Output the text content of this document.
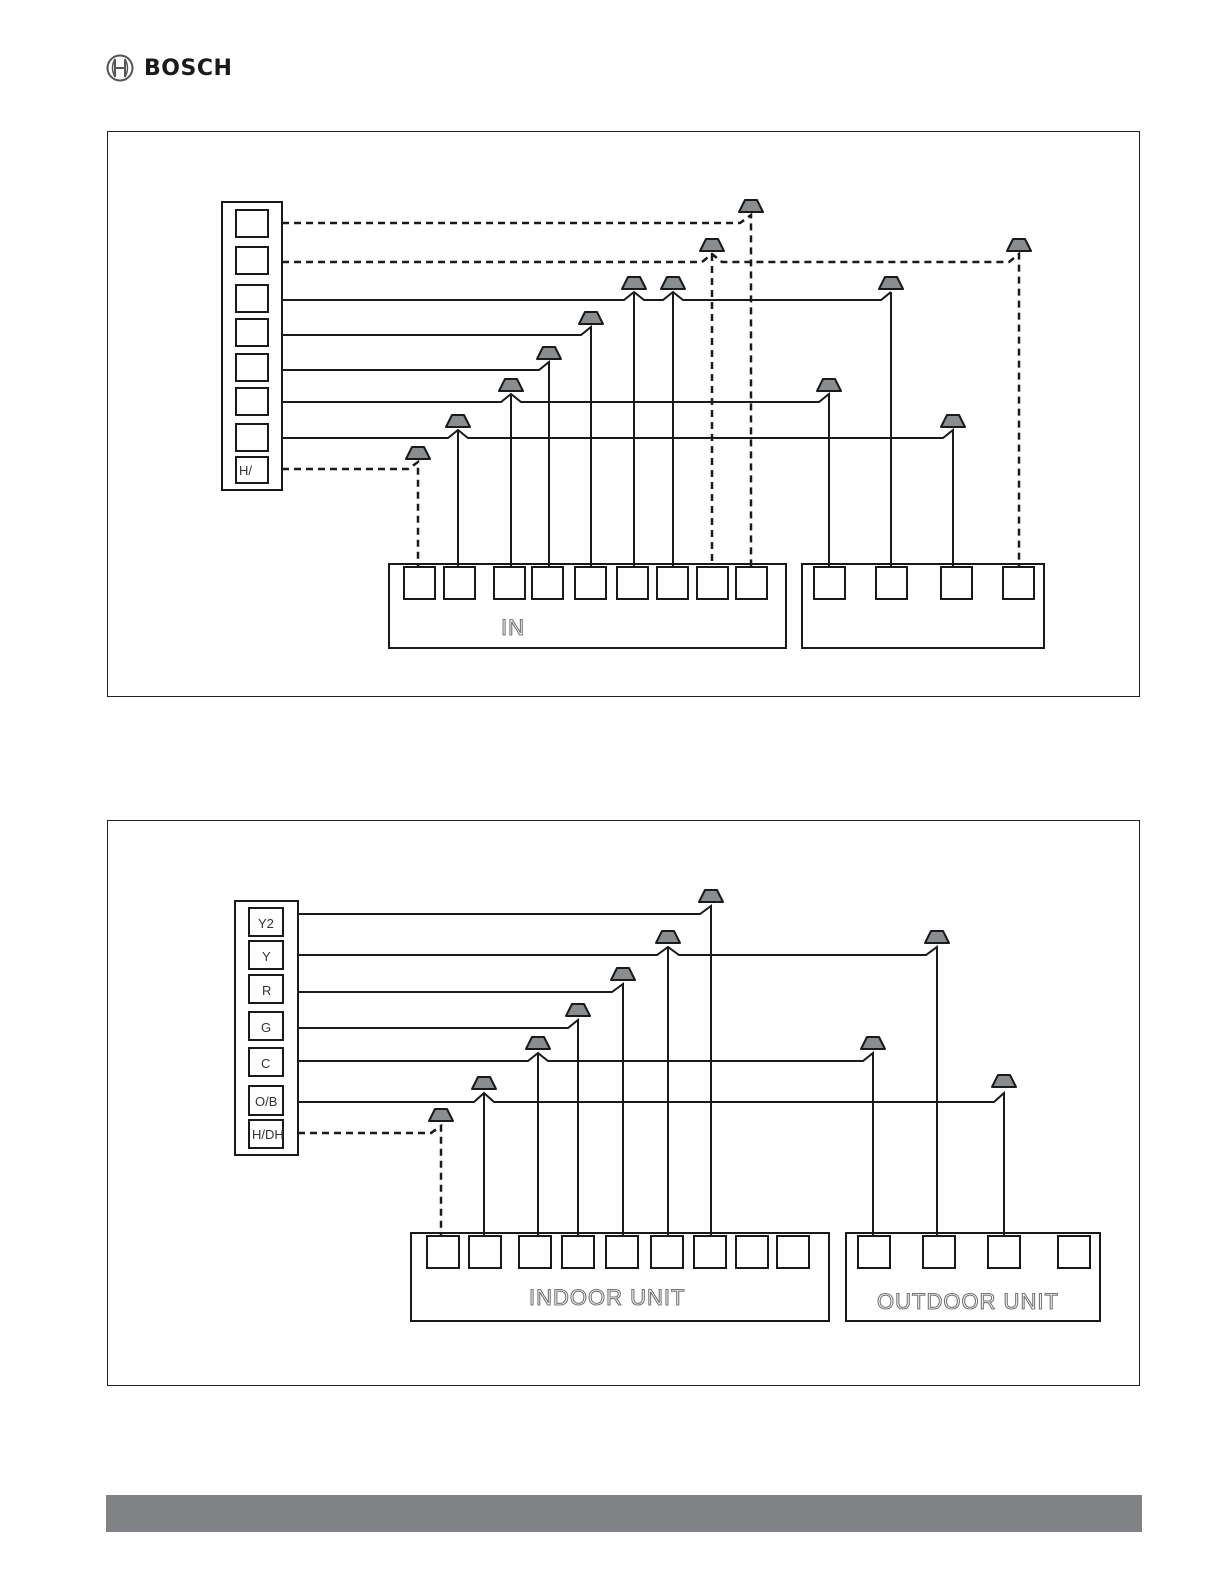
BOSCH
H/
IN
Y2
Y
R
G
C
O/B
H/DH
INDOOR UNIT	OUTDOOR UNIT
